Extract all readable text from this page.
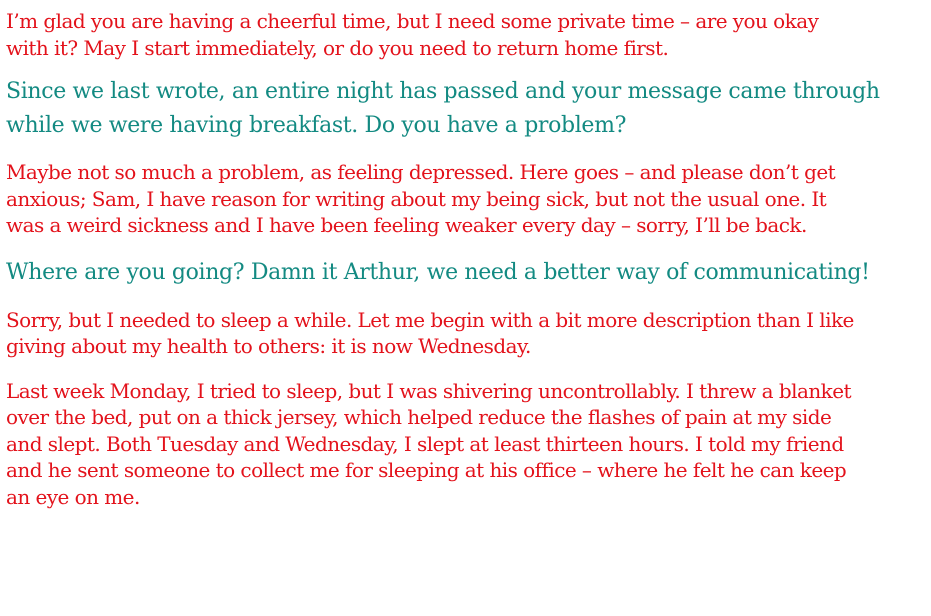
I’m glad you are having a cheerful time, but I need some private time – are you okay
with it? May I start immediately, or do you need to return home first.

Since we last wrote, an entire night has passed and your message came through
while we were having breakfast. Do you have a problem?

Maybe not so much a problem, as feeling depressed. Here goes – and please don’t get
anxious; Sam, I have reason for writing about my being sick, but not the usual one. It
was a weird sickness and I have been feeling weaker every day – sorry, I’ll be back.

Where are you going? Damn it Arthur, we need a better way of communicating!

Sorry, but I needed to sleep a while. Let me begin with a bit more description than I like
giving about my health to others: it is now Wednesday.

Last week Monday, I tried to sleep, but I was shivering uncontrollably. I threw a blanket
over the bed, put on a thick jersey, which helped reduce the flashes of pain at my side
and slept. Both Tuesday and Wednesday, I slept at least thirteen hours. I told my friend
and he sent someone to collect me for sleeping at his office – where he felt he can keep
an eye on me.
